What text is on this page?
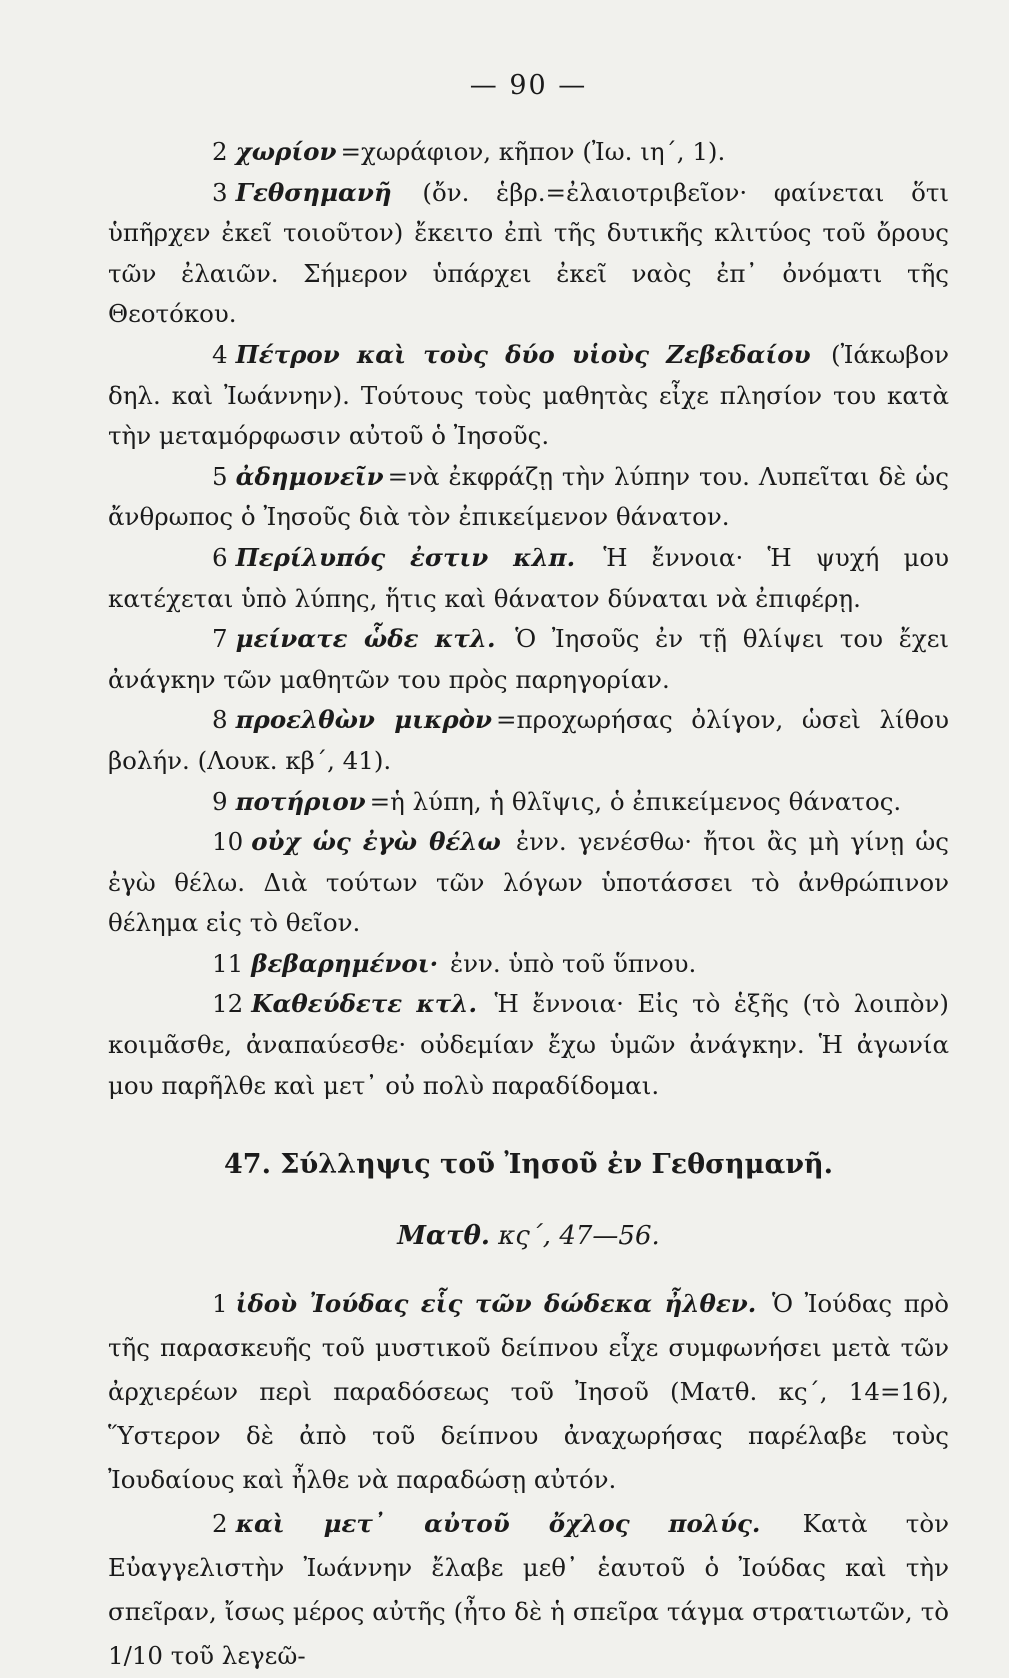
— 90 —

2 χωρίον =χωράφιον, κῆπον (Ἰω. ιη΄, 1).

3 Γεθσημανῆ (ὄν. ἑβρ.=ἐλαιοτριβεῖον· φαίνεται ὅτι ὑπῆρχεν ἐκεῖ τοιοῦτον) ἔκειτο ἐπὶ τῆς δυτικῆς κλιτύος τοῦ ὄρους τῶν ἐλαιῶν. Σήμερον ὑπάρχει ἐκεῖ ναὸς ἐπ᾽ ὀνόματι τῆς Θεοτόκου.

4 Πέτρον καὶ τοὺς δύο υἱοὺς Ζεβεδαίου (Ἰάκωβον δηλ. καὶ Ἰωάννην). Τούτους τοὺς μαθητὰς εἶχε πλησίον του κατὰ τὴν μεταμόρφωσιν αὐτοῦ ὁ Ἰησοῦς.

5 ἀδημονεῖν =νὰ ἐκφράζῃ τὴν λύπην του. Λυπεῖται δὲ ὡς ἄνθρωπος ὁ Ἰησοῦς διὰ τὸν ἐπικείμενον θάνατον.

6 Περίλυπός ἐστιν κλπ. Ἡ ἔννοια· Ἡ ψυχή μου κατέχεται ὑπὸ λύπης, ἥτις καὶ θάνατον δύναται νὰ ἐπιφέρῃ.

7 μείνατε ὧδε κτλ. Ὁ Ἰησοῦς ἐν τῇ θλίψει του ἔχει ἀνάγκην τῶν μαθητῶν του πρὸς παρηγορίαν.

8 προελθὼν μικρὸν =προχωρήσας ὀλίγον, ὡσεὶ λίθου βολήν. (Λουκ. κβ΄, 41).

9 ποτήριον =ἡ λύπη, ἡ θλῖψις, ὁ ἐπικείμενος θάνατος.

10 οὐχ ὡς ἐγὼ θέλω ἐνν. γενέσθω· ἤτοι ἂς μὴ γίνῃ ὡς ἐγὼ θέλω. Διὰ τούτων τῶν λόγων ὑποτάσσει τὸ ἀνθρώπινον θέλημα εἰς τὸ θεῖον.

11 βεβαρημένοι· ἐνν. ὑπὸ τοῦ ὕπνου.

12 Καθεύδετε κτλ. Ἡ ἔννοια· Εἰς τὸ ἑξῆς (τὸ λοιπὸν) κοιμᾶσθε, ἀναπαύεσθε· οὐδεμίαν ἔχω ὑμῶν ἀνάγκην. Ἡ ἀγωνία μου παρῆλθε καὶ μετ᾽ οὐ πολὺ παραδίδομαι.

47. Σύλληψις τοῦ Ἰησοῦ ἐν Γεθσημανῆ.
Ματθ. κς΄, 47—56.

1 ἰδοὺ Ἰούδας εἷς τῶν δώδεκα ἦλθεν. Ὁ Ἰούδας πρὸ τῆς παρασκευῆς τοῦ μυστικοῦ δείπνου εἶχε συμφωνήσει μετὰ τῶν ἀρχιερέων περὶ παραδόσεως τοῦ Ἰησοῦ (Ματθ. κς΄, 14=16), Ὕστερον δὲ ἀπὸ τοῦ δείπνου ἀναχωρήσας παρέλαβε τοὺς Ἰουδαίους καὶ ἦλθε νὰ παραδώσῃ αὐτόν.

2 καὶ μετ᾽ αὐτοῦ ὄχλος πολύς. Κατὰ τὸν Εὐαγγελιστὴν Ἰωάννην ἔλαβε μεθ᾽ ἑαυτοῦ ὁ Ἰούδας καὶ τὴν σπεῖραν, ἴσως μέρος αὐτῆς (ἦτο δὲ ἡ σπεῖρα τάγμα στρατιωτῶν, τὸ 1/10 τοῦ λεγεῶ-
